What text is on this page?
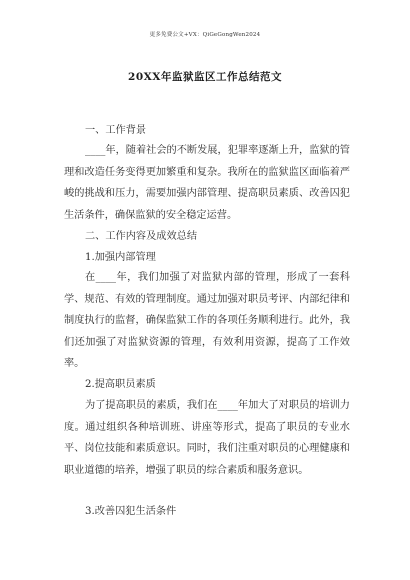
更多免费公文+VX：QiGeGongWen2024
20XX年监狱监区工作总结范文
一、工作背景
____年，随着社会的不断发展，犯罪率逐渐上升，监狱的管理和改造任务变得更加繁重和复杂。我所在的监狱监区面临着严峻的挑战和压力，需要加强内部管理、提高职员素质、改善囚犯生活条件，确保监狱的安全稳定运营。
二、工作内容及成效总结
1.加强内部管理
在____年，我们加强了对监狱内部的管理，形成了一套科学、规范、有效的管理制度。通过加强对职员考评、内部纪律和制度执行的监督，确保监狱工作的各项任务顺利进行。此外，我们还加强了对监狱资源的管理，有效利用资源，提高了工作效率。
2.提高职员素质
为了提高职员的素质，我们在____年加大了对职员的培训力度。通过组织各种培训班、讲座等形式，提高了职员的专业水平、岗位技能和素质意识。同时，我们注重对职员的心理健康和职业道德的培养，增强了职员的综合素质和服务意识。
3.改善囚犯生活条件
